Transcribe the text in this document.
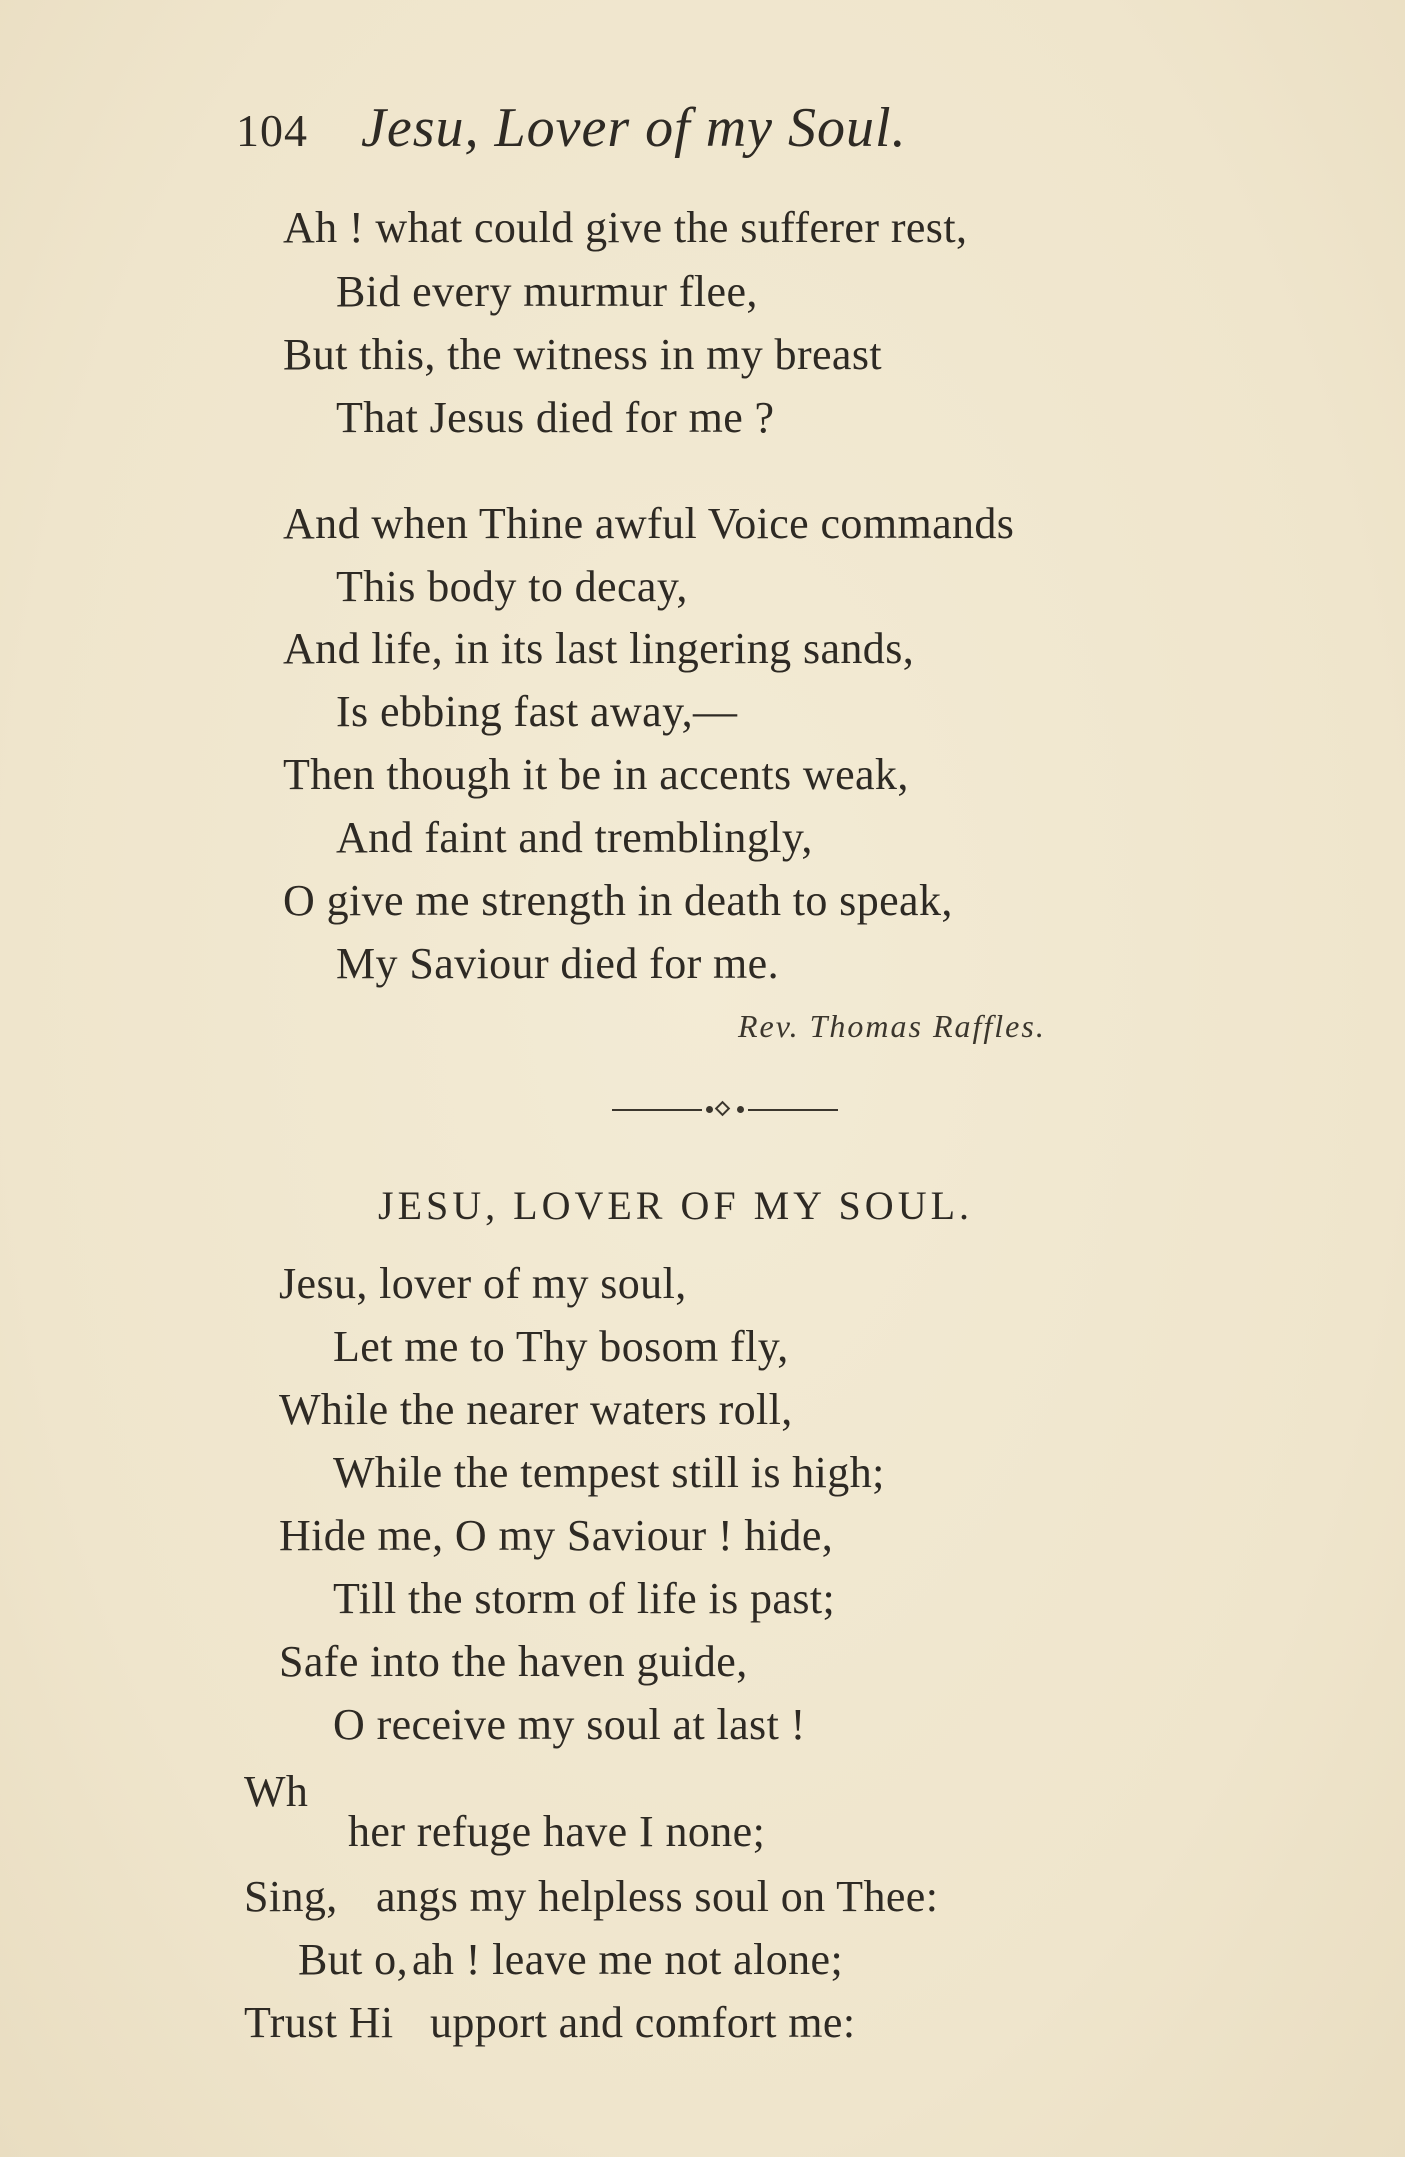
104 Jesu, Lover of my Soul.
Ah ! what could give the sufferer rest,
Bid every murmur flee,
But this, the witness in my breast
That Jesus died for me ?
And when Thine awful Voice commands
This body to decay,
And life, in its last lingering sands,
Is ebbing fast away,—
Then though it be in accents weak,
And faint and tremblingly,
O give me strength in death to speak,
My Saviour died for me.
Rev. Thomas Raffles.
JESU, LOVER OF MY SOUL.
Jesu, lover of my soul,
Let me to Thy bosom fly,
While the nearer waters roll,
While the tempest still is high;
Hide me, O my Saviour ! hide,
Till the storm of life is past;
Safe into the haven guide,
O receive my soul at last !
Wh
her refuge have I none;
Sing, angs my helpless soul on Thee:
But o, ah ! leave me not alone;
Trust Hi upport and comfort me:
